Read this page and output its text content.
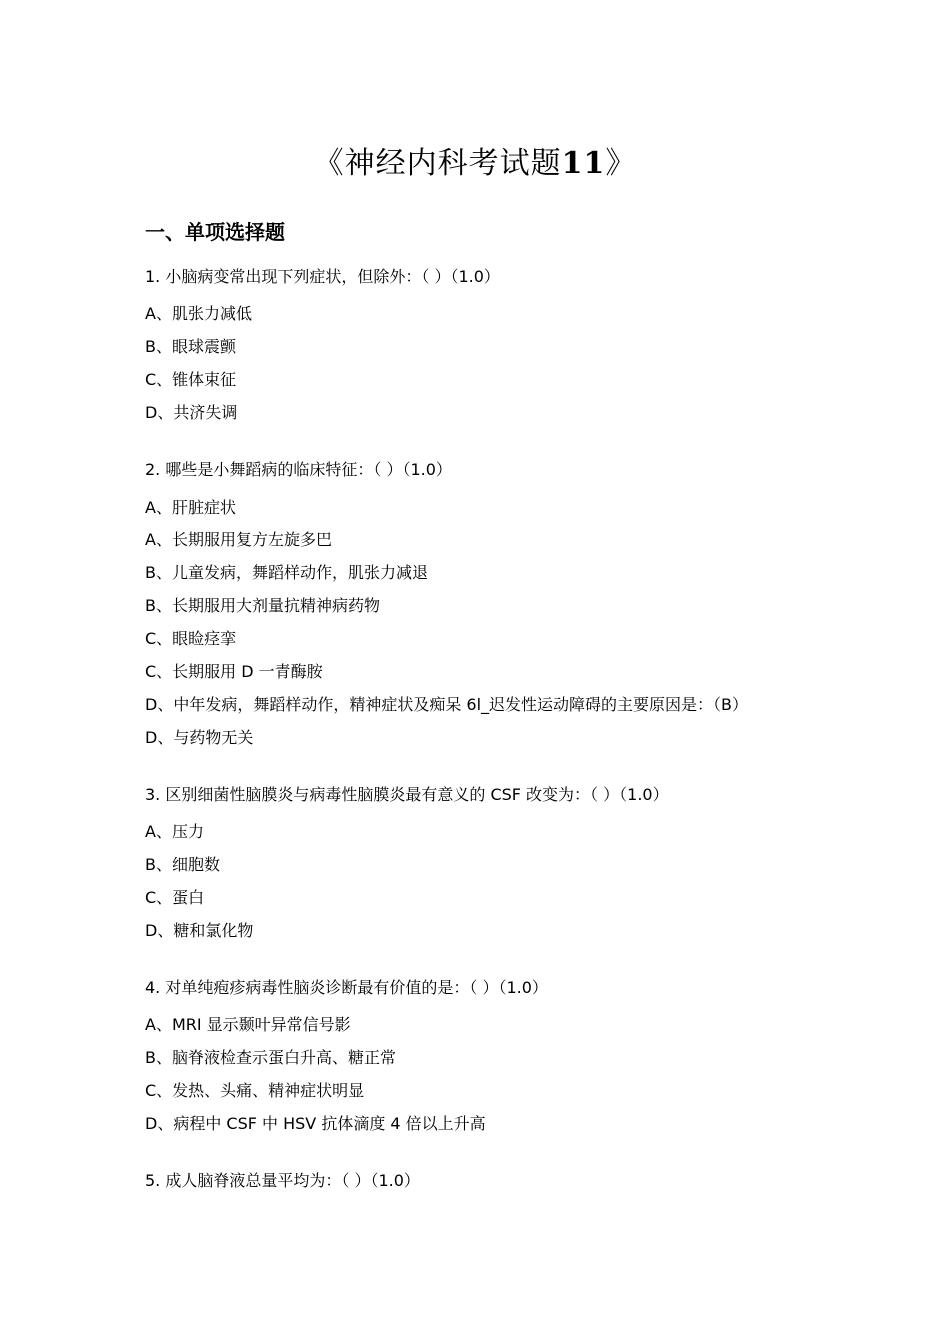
《神经内科考试题11》
一、单项选择题
1. 小脑病变常出现下列症状，但除外：（ ）（1.0）
A、肌张力减低
B、眼球震颤
C、锥体束征
D、共济失调
2. 哪些是小舞蹈病的临床特征：（ ）（1.0）
A、肝脏症状
A、长期服用复方左旋多巴
B、儿童发病，舞蹈样动作，肌张力减退
B、长期服用大剂量抗精神病药物
C、眼睑痉挛
C、长期服用 D 一青酶胺
D、中年发病，舞蹈样动作，精神症状及痴呆 6l_迟发性运动障碍的主要原因是：（B）
D、与药物无关
3. 区别细菌性脑膜炎与病毒性脑膜炎最有意义的 CSF 改变为：（ ）（1.0）
A、压力
B、细胞数
C、蛋白
D、糖和氯化物
4. 对单纯疱疹病毒性脑炎诊断最有价值的是：（ ）（1.0）
A、MRI 显示颞叶异常信号影
B、脑脊液检查示蛋白升高、糖正常
C、发热、头痛、精神症状明显
D、病程中 CSF 中 HSV 抗体滴度 4 倍以上升高
5. 成人脑脊液总量平均为：（ ）（1.0）
